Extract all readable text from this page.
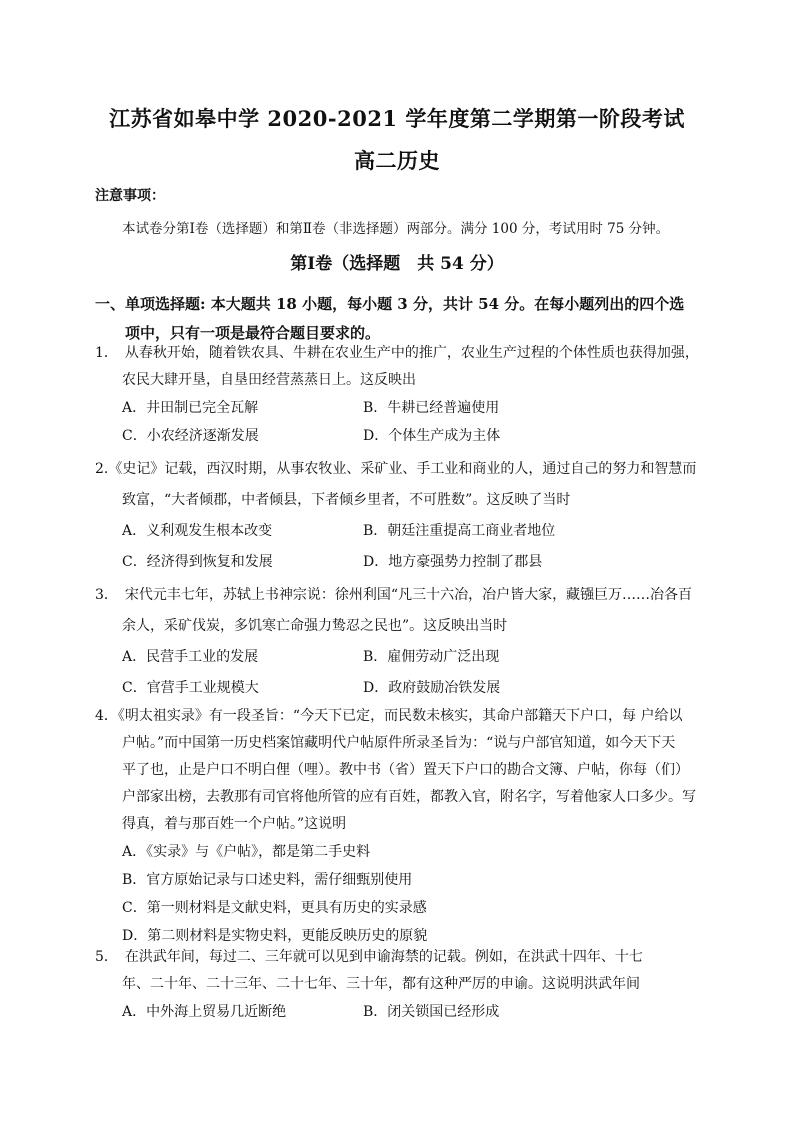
江苏省如皋中学 2020-2021 学年度第二学期第一阶段考试
高二历史
注意事项：
本试卷分第Ⅰ卷（选择题）和第Ⅱ卷（非选择题）两部分。满分 100 分，考试用时 75 分钟。
第Ⅰ卷（选择题　共 54 分）
一、单项选择题: 本大题共 18 小题，每小题 3 分，共计 54 分。在每小题列出的四个选
项中，只有一项是最符合题目要求的。
1．　从春秋开始，随着铁农具、牛耕在农业生产中的推广，农业生产过程的个体性质也获得加强，
农民大肆开垦，自垦田经营蒸蒸日上。这反映出
A．井田制已完全瓦解	B．牛耕已经普遍使用
C．小农经济逐渐发展	D．个体生产成为主体
2.《史记》记载，西汉时期，从事农牧业、采矿业、手工业和商业的人，通过自己的努力和智慧而
致富，“大者倾郡，中者倾县，下者倾乡里者，不可胜数”。这反映了当时
A．义利观发生根本改变	B．朝廷注重提高工商业者地位
C．经济得到恢复和发展	D．地方豪强势力控制了郡县
3．　宋代元丰七年，苏轼上书神宗说：徐州利国“凡三十六冶，冶户皆大家，藏镪巨万……冶各百
余人，采矿伐炭，多饥寒亡命强力鸷忍之民也”。这反映出当时
A．民营手工业的发展	B．雇佣劳动广泛出现
C．官营手工业规模大	D．政府鼓励冶铁发展
4．《明太祖实录》有一段圣旨：“今天下已定，而民数未核实，其命户部籍天下户口，每 户给以
户帖。”而中国第一历史档案馆藏明代户帖原件所录圣旨为：“说与户部官知道，如今天下天
平了也，止是户口不明白俚（哩）。教中书（省）置天下户口的勘合文簿、户帖，你每（们）
户部家出榜，去教那有司官将他所管的应有百姓，都教入官，附名字，写着他家人口多少。写
得真，着与那百姓一个户帖。”这说明
A．《实录》与《户帖》，都是第二手史料
B．官方原始记录与口述史料，需仔细甄别使用
C．第一则材料是文献史料，更具有历史的实录感
D．第二则材料是实物史料，更能反映历史的原貌
5．　在洪武年间，每过二、三年就可以见到申谕海禁的记载。例如，在洪武十四年、十七
年、二十年、二十三年、二十七年、三十年，都有这种严厉的申谕。这说明洪武年间
A．中外海上贸易几近断绝	B．闭关锁国已经形成
